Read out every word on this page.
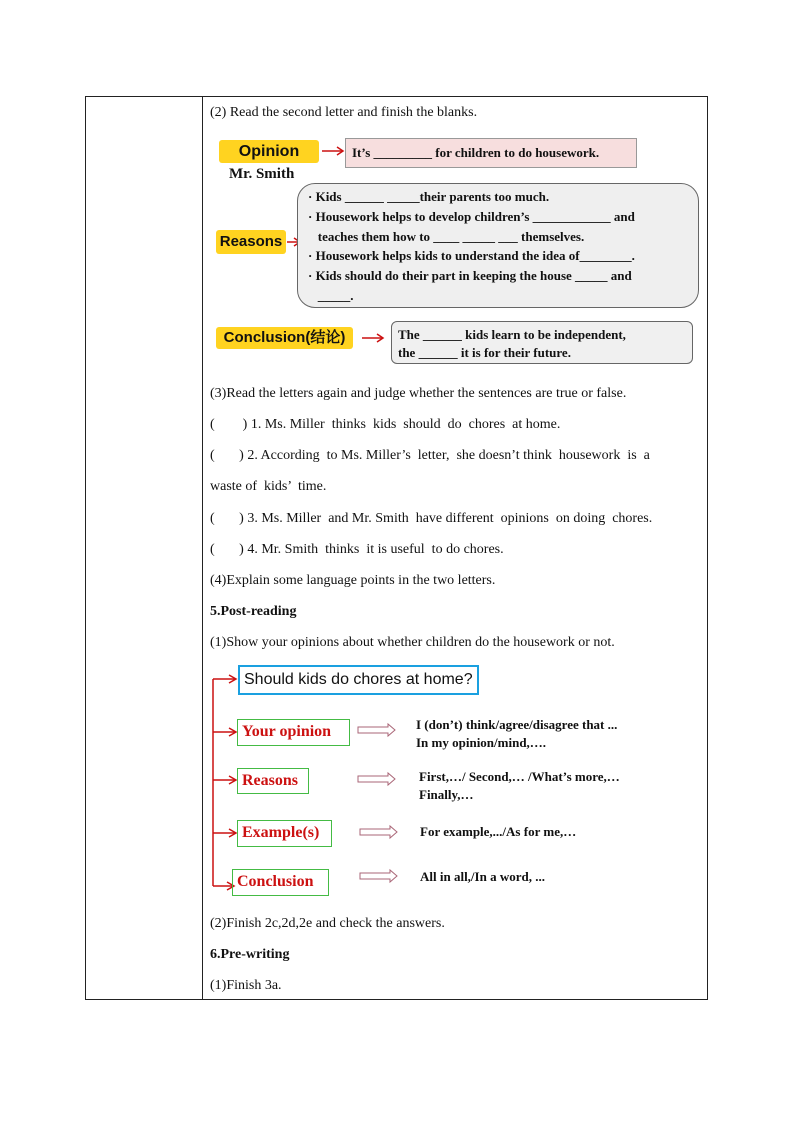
(2) Read the second letter and finish the blanks.
Opinion
Mr. Smith
It’s _________ for children to do housework.
Reasons
· Kids ______ _____their parents too much.
· Housework helps to develop children’s ____________ and
teaches them how to ____ _____ ___ themselves.
· Housework helps kids to understand the idea of________.
· Kids should do their part in keeping the house _____ and
_____.
Conclusion(结论)	The ______ kids learn to be independent,
the ______ it is for their future.
(3)Read the letters again and judge whether the sentences are true or false.
(        ) 1. Ms. Miller  thinks  kids  should  do  chores  at home.
(       ) 2. According  to Ms. Miller’s  letter,  she doesn’t think  housework  is  a
waste of  kids’  time.
(       ) 3. Ms. Miller  and Mr. Smith  have different  opinions  on doing  chores.
(       ) 4. Mr. Smith  thinks  it is useful  to do chores.
(4)Explain some language points in the two letters.
5.Post-reading
(1)Show your opinions about whether children do the housework or not.
Should kids do chores at home?
Your opinion
Reasons
Example(s)
Conclusion
I (don’t) think/agree/disagree that ...
In my opinion/mind,….
First,…/ Second,… /What’s more,…
Finally,…
For example,.../As for me,…
All in all,/In a word, ...
(2)Finish 2c,2d,2e and check the answers.
6.Pre-writing
(1)Finish 3a.
